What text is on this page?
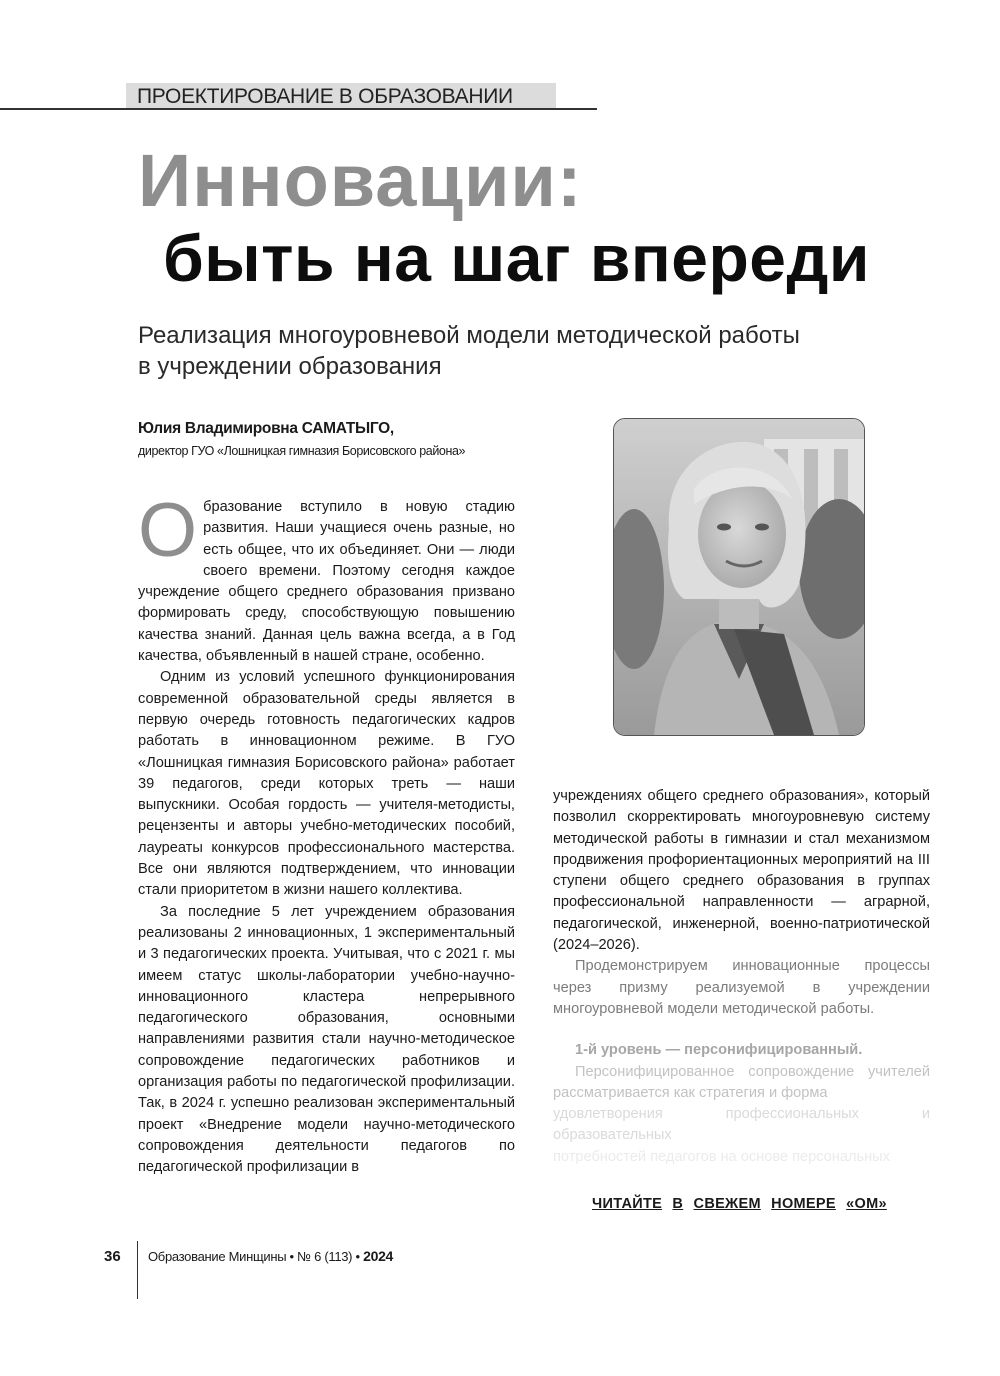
ПРОЕКТИРОВАНИЕ В ОБРАЗОВАНИИ
Инновации:
быть на шаг впереди
Реализация многоуровневой модели методической работы
в учреждении образования
Юлия Владимировна САМАТЫГО,
директор ГУО «Лошницкая гимназия Борисовского района»

Образование вступило в новую стадию развития. Наши учащиеся очень разные, но есть общее, что их объединяет. Они — люди своего времени. Поэтому сегодня каждое учреждение общего среднего образования призвано формировать среду, способствующую повышению качества знаний. Данная цель важна всегда, а в Год качества, объявленный в нашей стране, особенно.

Одним из условий успешного функционирования современной образовательной среды является в первую очередь готовность педагогических кадров работать в инновационном режиме. В ГУО «Лошницкая гимназия Борисовского района» работает 39 педагогов, среди которых треть — наши выпускники. Особая гордость — учителя-методисты, рецензенты и авторы учебно-методических пособий, лауреаты конкурсов профессионального мастерства. Все они являются подтверждением, что инновации стали приоритетом в жизни нашего коллектива.

За последние 5 лет учреждением образования реализованы 2 инновационных, 1 экспериментальный и 3 педагогических проекта. Учитывая, что с 2021 г. мы имеем статус школы-лаборатории учебно-научно-инновационного кластера непрерывного педагогического образования, основными направлениями развития стали научно-методическое сопровождение педагогических работников и организация работы по педагогической профилизации. Так, в 2024 г. успешно реализован экспериментальный проект «Внедрение модели научно-методического сопровождения деятельности педагогов по педагогической профилизации в

учреждениях общего среднего образования», который позволил скорректировать многоуровневую систему методической работы в гимназии и стал механизмом продвижения профориентационных мероприятий на III ступени общего среднего образования в группах профессиональной направленности — аграрной, педагогической, инженерной, военно-патриотической (2024–2026).

Продемонстрируем инновационные процессы через призму реализуемой в учреждении многоуровневой модели методической работы.

1-й уровень — персонифицированный.

Персонифицированное сопровождение учителей рассматривается как стратегия и форма

удовлетворения профессиональных и образовательных

потребностей педагогов на основе персональных

ЧИТАЙТЕ В СВЕЖЕМ НОМЕРЕ «ОМ»
36 Образование Минщины • № 6 (113) • 2024
